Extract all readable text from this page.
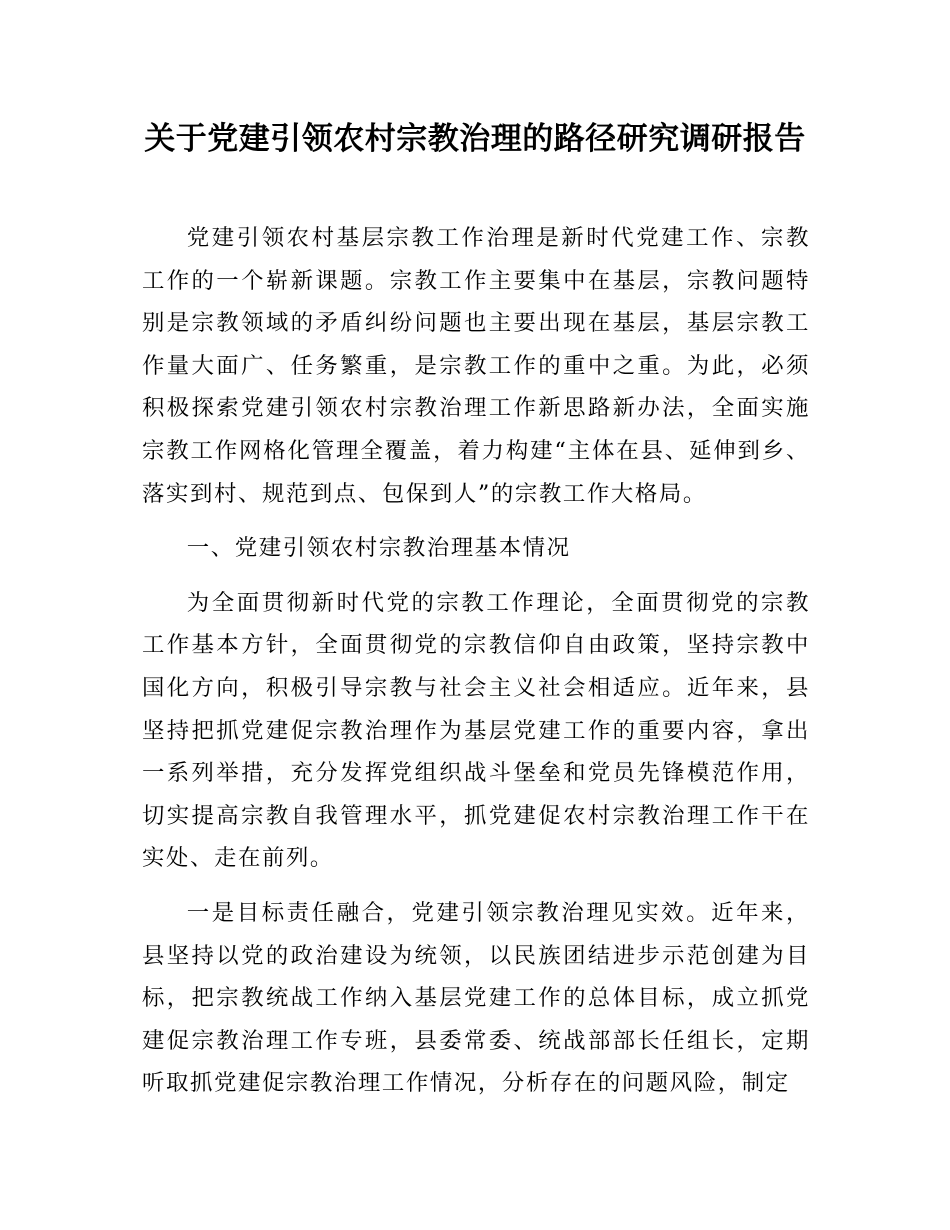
关于党建引领农村宗教治理的路径研究调研报告

党建引领农村基层宗教工作治理是新时代党建工作、宗教工作的一个崭新课题。宗教工作主要集中在基层，宗教问题特别是宗教领域的矛盾纠纷问题也主要出现在基层，基层宗教工作量大面广、任务繁重，是宗教工作的重中之重。为此，必须积极探索党建引领农村宗教治理工作新思路新办法，全面实施宗教工作网格化管理全覆盖，着力构建“主体在县、延伸到乡、落实到村、规范到点、包保到人”的宗教工作大格局。

一、党建引领农村宗教治理基本情况

为全面贯彻新时代党的宗教工作理论，全面贯彻党的宗教工作基本方针，全面贯彻党的宗教信仰自由政策，坚持宗教中国化方向，积极引导宗教与社会主义社会相适应。近年来，县坚持把抓党建促宗教治理作为基层党建工作的重要内容，拿出一系列举措，充分发挥党组织战斗堡垒和党员先锋模范作用，切实提高宗教自我管理水平，抓党建促农村宗教治理工作干在实处、走在前列。

一是目标责任融合，党建引领宗教治理见实效。近年来，县坚持以党的政治建设为统领，以民族团结进步示范创建为目标，把宗教统战工作纳入基层党建工作的总体目标，成立抓党建促宗教治理工作专班，县委常委、统战部部长任组长，定期听取抓党建促宗教治理工作情况，分析存在的问题风险，制定
